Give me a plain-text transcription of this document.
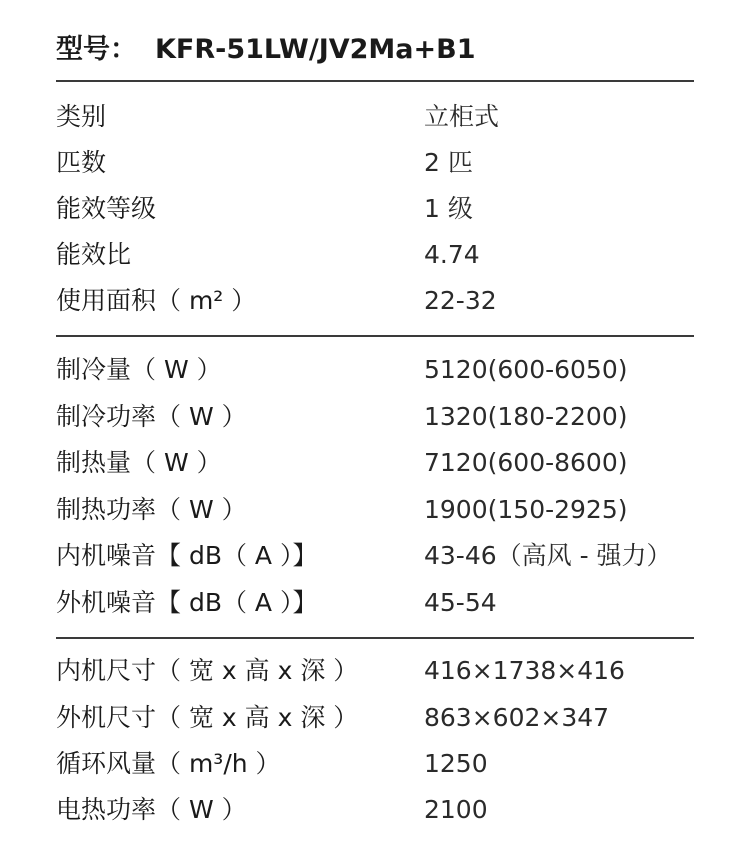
型号： KFR-51LW/JV2Ma+B1
类别	立柜式
匹数	2 匹
能效等级	1 级
能效比	4.74
使用面积（ m² ）	22-32
制冷量（ W ）	5120(600-6050)
制冷功率（ W ）	1320(180-2200)
制热量（ W ）	7120(600-8600)
制热功率（ W ）	1900(150-2925)
内机噪音【 dB（ A ）】	43-46（高风 - 强力）
外机噪音【 dB（ A ）】	45-54
内机尺寸（ 宽 x 高 x 深 ）	416×1738×416
外机尺寸（ 宽 x 高 x 深 ）	863×602×347
循环风量（ m³/h ）	1250
电热功率（ W ）	2100
